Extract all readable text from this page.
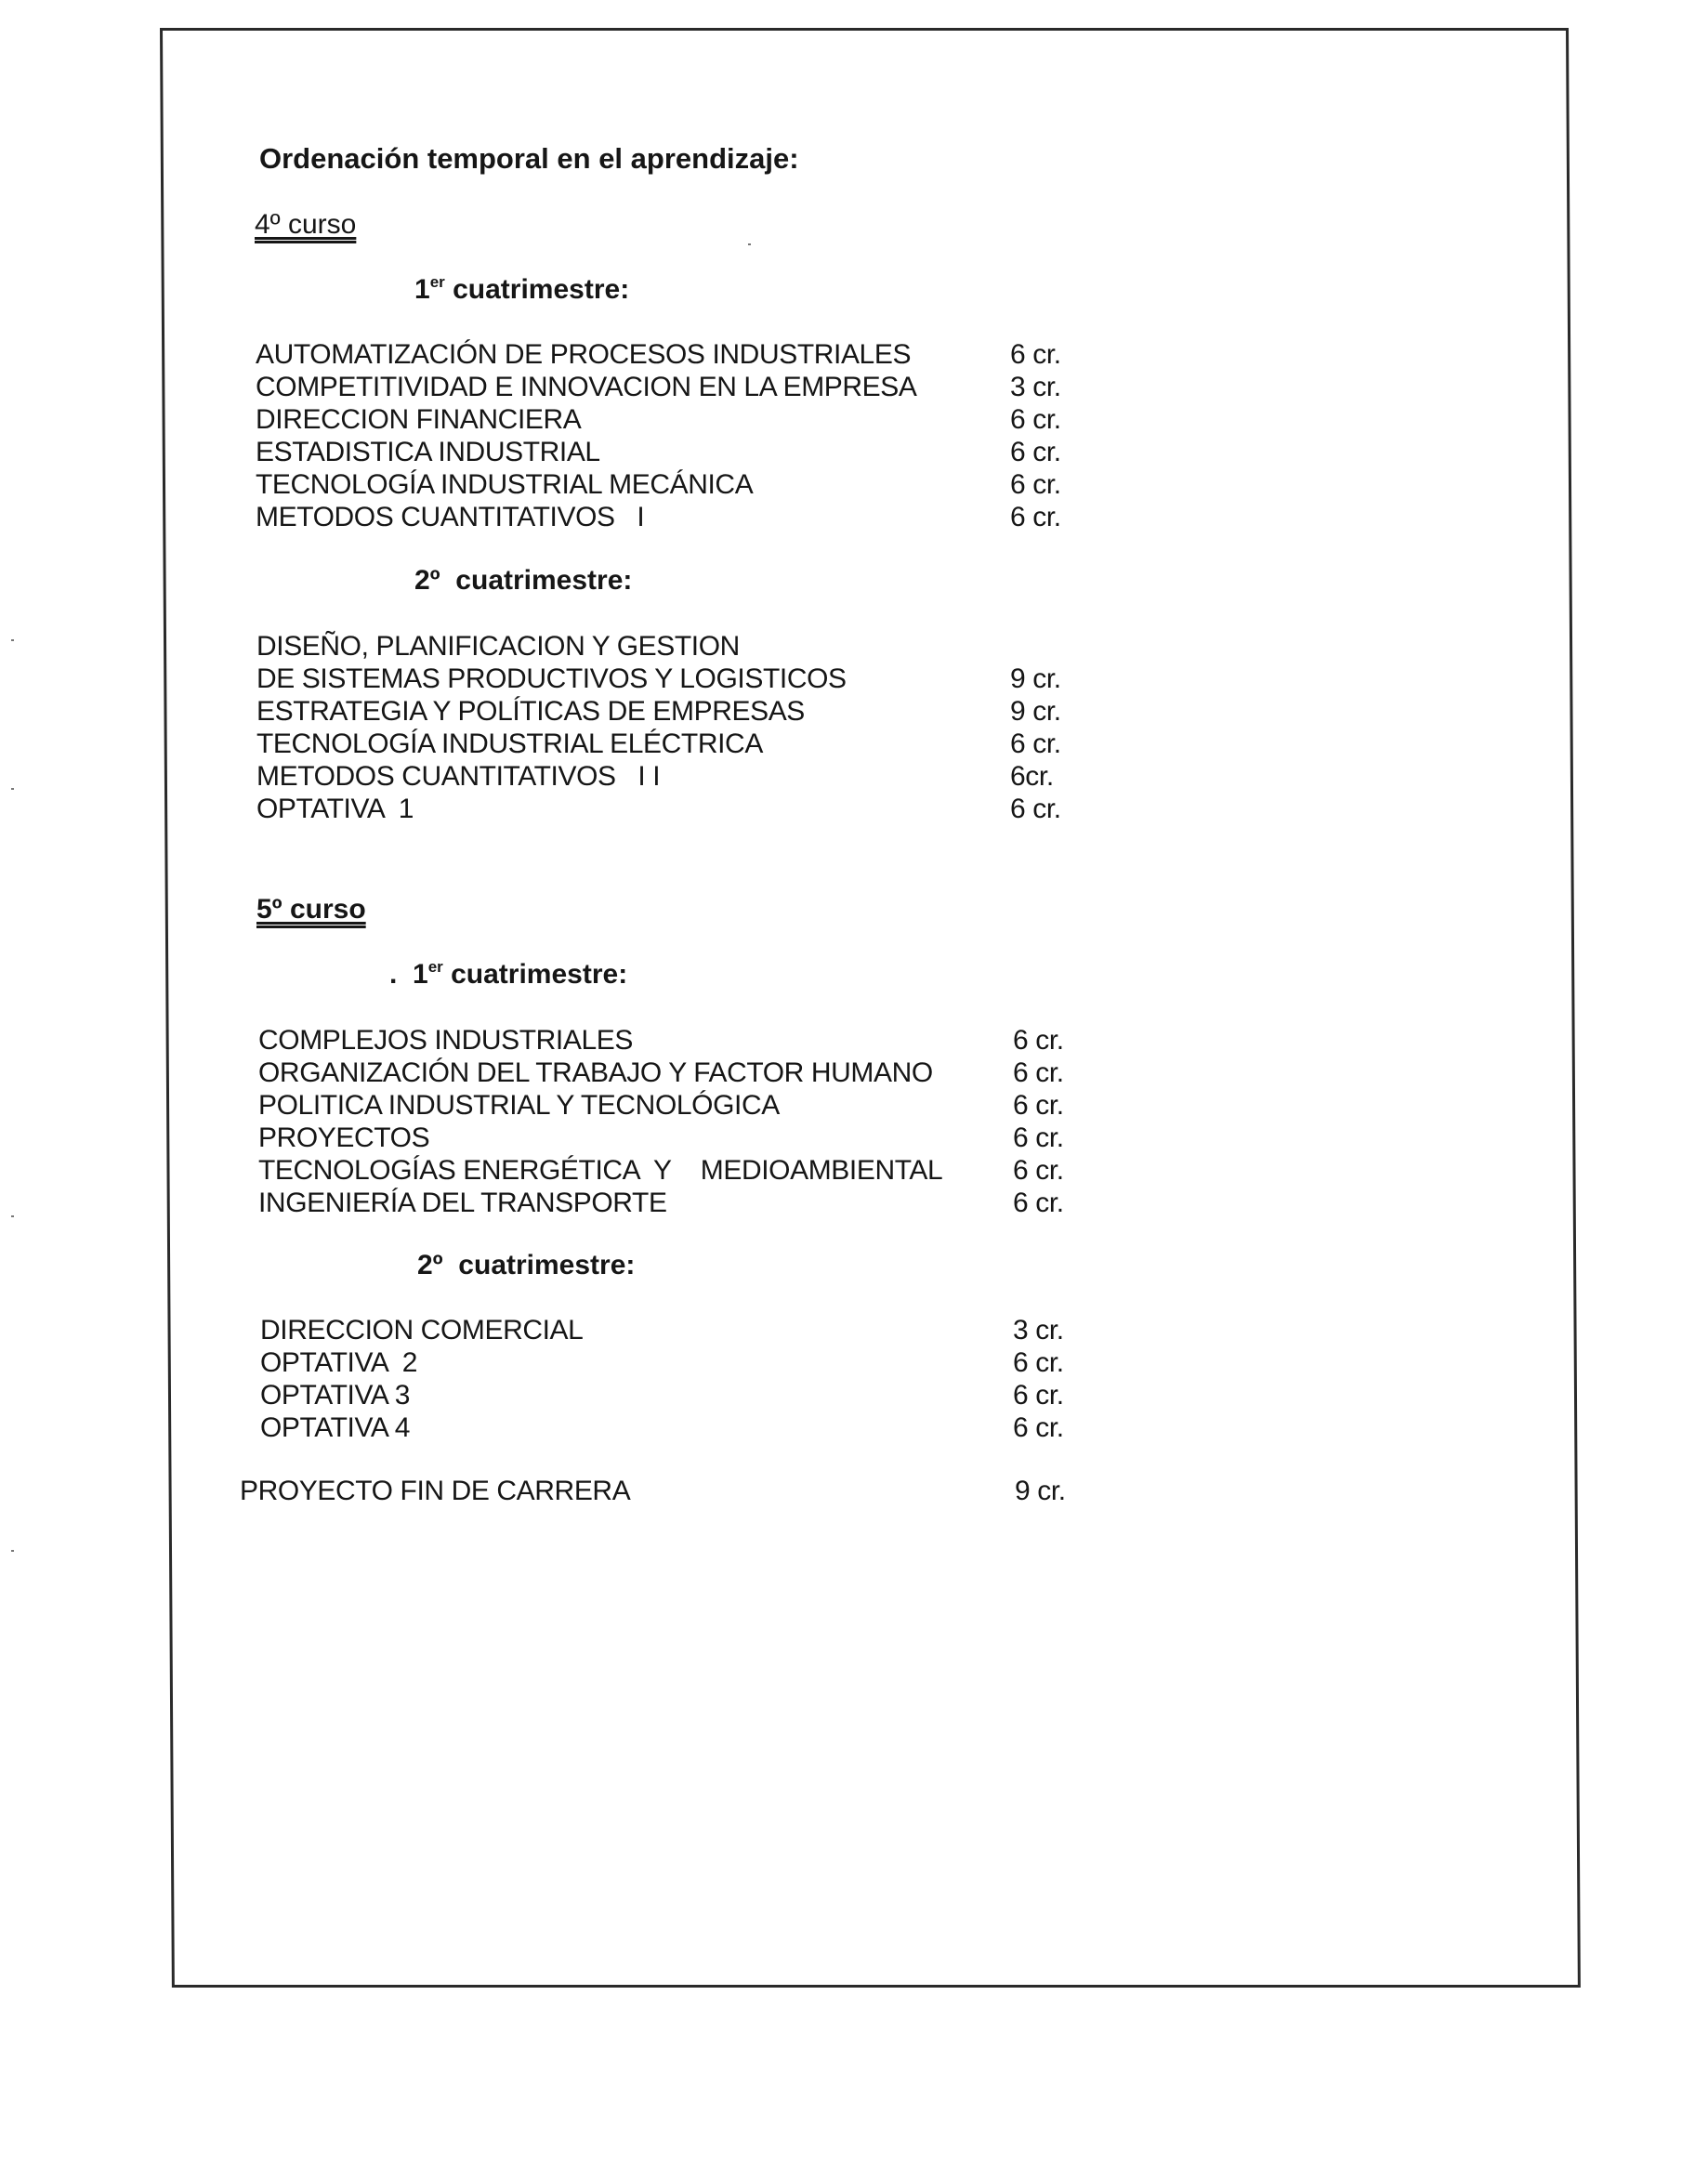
Ordenación temporal en el aprendizaje:
4º curso
1er cuatrimestre:
AUTOMATIZACIÓN DE PROCESOS INDUSTRIALES	6 cr.
COMPETITIVIDAD E INNOVACION EN LA EMPRESA	3 cr.
DIRECCION FINANCIERA	6 cr.
ESTADISTICA INDUSTRIAL	6 cr.
TECNOLOGÍA INDUSTRIAL MECÁNICA	6 cr.
METODOS CUANTITATIVOS   I	6 cr.
2º  cuatrimestre:
DISEÑO, PLANIFICACION Y GESTION
DE SISTEMAS PRODUCTIVOS Y LOGISTICOS	9 cr.
ESTRATEGIA Y POLÍTICAS DE EMPRESAS	9 cr.
TECNOLOGÍA INDUSTRIAL ELÉCTRICA	6 cr.
METODOS CUANTITATIVOS   I I	6cr.
OPTATIVA  1	6 cr.
5º curso
.  1er cuatrimestre:
COMPLEJOS INDUSTRIALES	6 cr.
ORGANIZACIÓN DEL TRABAJO Y FACTOR HUMANO	6 cr.
POLITICA INDUSTRIAL Y TECNOLÓGICA	6 cr.
PROYECTOS	6 cr.
TECNOLOGÍAS ENERGÉTICA  Y    MEDIOAMBIENTAL	6 cr.
INGENIERÍA DEL TRANSPORTE	6 cr.
2º  cuatrimestre:
DIRECCION COMERCIAL	3 cr.
OPTATIVA  2	6 cr.
OPTATIVA 3	6 cr.
OPTATIVA 4	6 cr.
PROYECTO FIN DE CARRERA	9 cr.
